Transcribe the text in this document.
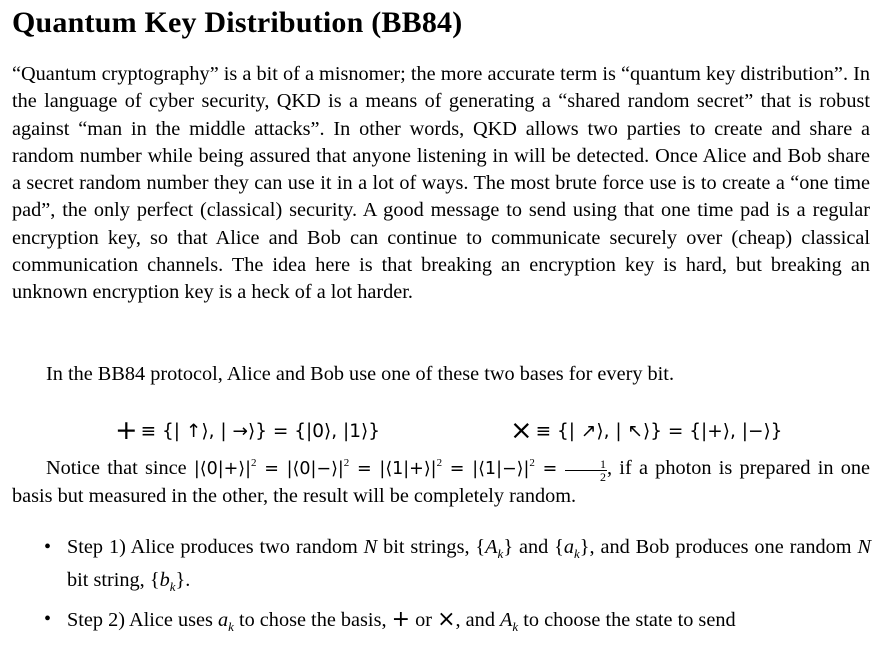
Quantum Key Distribution (BB84)

“Quantum cryptography” is a bit of a misnomer; the more accurate term is “quantum key distribution”. In the language of cyber security, QKD is a means of generating a “shared random secret” that is robust against “man in the middle attacks”. In other words, QKD allows two parties to create and share a random number while being assured that anyone listening in will be detected. Once Alice and Bob share a secret random number they can use it in a lot of ways. The most brute force use is to create a “one time pad”, the only perfect (classical) security. A good message to send using that one time pad is a regular encryption key, so that Alice and Bob can continue to communicate securely over (cheap) classical communication channels. The idea here is that breaking an encryption key is hard, but breaking an unknown encryption key is a heck of a lot harder.

In the BB84 protocol, Alice and Bob use one of these two bases for every bit.

+ ≡ {| ↑⟩, | →⟩} = {|0⟩, |1⟩}	× ≡ {| ↗⟩, | ↖⟩} = {|+⟩, |−⟩}

Notice that since $|⟨0|+⟩|^2$ = $|⟨0|-⟩|^2$ = $|⟨1|+⟩|^2$ = $|⟨1|-⟩|^2 = \frac{1}{2}$ , if a photon is prepared in one basis but measured in the other, the result will be completely random.

• Step 1) Alice produces two random N bit strings, $\{A_k\}$ and $\{a_k\}$, and Bob produces one random N bit string, $\{b_k\}$.
• Step 2) Alice uses $a_k$ to chose the basis, + or ×, and $A_k$ to choose the state to send
